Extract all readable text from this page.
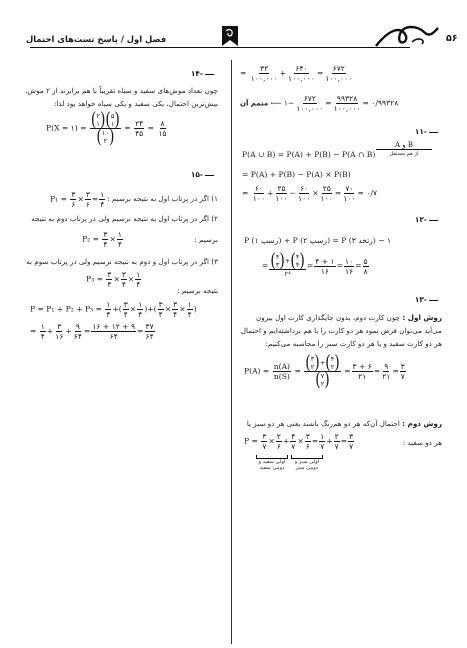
فصل اول / پاسخ تست‌های احتمال	۵۶
۱۴-
چون تعداد موش‌های سفید و سیاه تقریباً با هم برابرند از ۲ موش،
بیش‌ترین احتمال، یکی سفید و یکی سیاه خواهد بود لذا:
P(X = ۱) = ( ۲
۱ )( ۵
۱ )
( ۱۰
۲ ) = $\frac{۲۴}{۴۵} = \frac{۸}{۱۵}$
۱۵-
۱) اگر در پرتاب اول به نتیجه برسیم :
$P_1 = \frac{۳}{۶} \times \frac{۳}{۶} = \frac{۱}{۴}$
۲) اگر در پرتاب اول به نتیجه نرسیم ولی در پرتاب دوم به نتیجه
برسیم :
$P_2 = \frac{۳}{۴} \times \frac{۱}{۴}$
۳) اگر در پرتاب اول و دوم به نتیجه نرسیم ولی در پرتاب سوم به
$P_3 = \frac{۳}{۴} \times \frac{۳}{۴} \times \frac{۱}{۴}$
نتیجه برسیم :
$P = P_1 + P_2 + P_3 = \frac{۱}{۴}$ +( $\frac{۳}{۴} \times \frac{۱}{۴}$ )+( $\frac{۳}{۴} \times \frac{۳}{۴} \times \frac{۱}{۴}$ )
= $\frac{۱}{۴} + \frac{۳}{۱۶} + \frac{۹}{۶۴} = \frac{۱۶ + ۱۲ + ۹}{۶۴} = \frac{۳۷}{۶۴}$
= $\frac{۳۲}{۱۰۰,۰۰۰} + \frac{۶۴۰}{۱۰۰,۰۰۰} = \frac{۶۷۲}{۱۰۰,۰۰۰}$
متمم آن ⟵ ۱− $\frac{۶۷۲}{۱۰۰,۰۰۰} = \frac{۹۹۳۲۸}{۱۰۰,۰۰۰}$ = ۰/۹۹۳۲۸
۱۱-
P(A ∪ B) = P(A) + P(B) − P(A ∩ B)
B و A
از هم مستقل
= P(A) + P(B) − P(A) × P(B)
= $\frac{۶۰}{۱۰۰} + \frac{۲۵}{۱۰۰} - \frac{۶۰}{۱۰۰} \times \frac{۲۵}{۱۰۰} = \frac{۷۰}{۱۰۰}$ = ۰/۷
۱۲-
P (۱ پسر) + P (۲ پسر) = P (۳ دختر) − ۱
= ( ۴
۳ )+( ۴
۴ )
۲⁴ = $\frac{۴ + ۱}{۱۶} = \frac{۱۰}{۱۶} = \frac{۵}{۸}$
۱۳-
روش اول : چون کارت دوم، بدون جایگذاری کارت اول بیرون
می‌آید می‌توان فرض نمود هر دو کارت را با هم برداشته‌ایم و احتمال
هر دو کارت سفید و یا هر دو کارت سبز را محاسبه می‌کنیم:
$P(A) = \frac{n(A)}{n(S)}$ = ( ۳
۲ )+( ۴
۲ )
( ۷
۲ ) = $\frac{۳ + ۶}{۲۱} = \frac{۹}{۲۱} = \frac{۳}{۷}$
روش دوم : احتمال آن‌که هر دو هم‌رنگ باشند یعنی هر دو سبز یا
هر دو سفید :
$P = \frac{۳}{۷} \times \frac{۲}{۶} + \frac{۴}{۷} \times \frac{۳}{۶} = \frac{۱}{۷} + \frac{۲}{۷} = \frac{۳}{۷}$
اولی سفید و
دومی سفید
اولی سبز و
دومی سبز
